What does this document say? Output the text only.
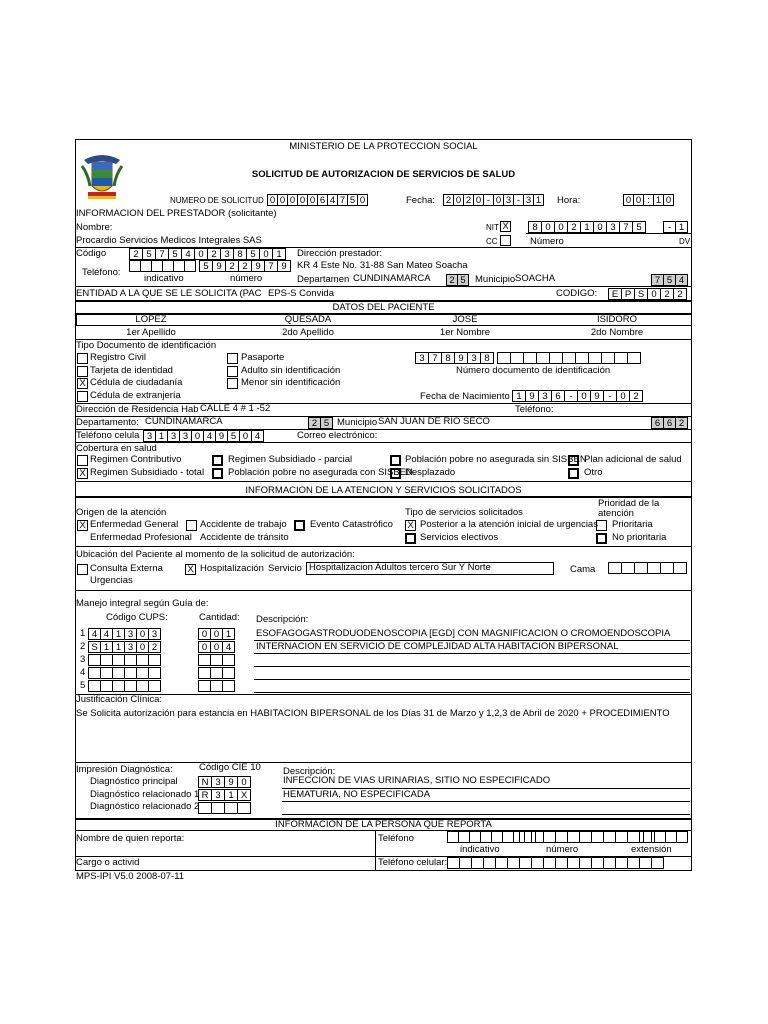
MINISTERIO DE LA PROTECCION SOCIAL
SOLICITUD DE AUTORIZACION DE SERVICIOS DE SALUD
NUMERO DE SOLICITUD 0 0 0 0 0 6 4 7 5 0	Fecha: 2 0 2 0 - 0 3 - 3 1	Hora:	0 0 : 1 0
INFORMACION DEL PRESTADOR (solicitante)
Nombre:
Procardio Servicios Medicos Integrales SAS
NIT X
CC
8 0 0 2 1 0 3 7 5	- 1
Número	DV
Código	2 5 7 5 4 0 2 3 8 5 0 1	Dirección prestador:
KR 4 Este No. 31-88 San Mateo Soacha
Teléfono:
5 9 2 2 9 7 9
indicativo	número	Departamen CUNDINAMARCA	2 5 Municipio SOACHA	7 5 4
ENTIDAD A LA QUE SE LE SOLICITA (PAC EPS-S Convida	CODIGO:	E P S 0 2 2
DATOS DEL PACIENTE
LOPEZ	QUESADA	JOSE	ISIDORO
1er Apellido	2do Apellido	1er Nombre	2do Nombre
Tipo Documento de identificación
Registro Civil
Tarjeta de identidad
X Cédula de ciudadanía
Cédula de extranjería
Pasaporte
Adulto sin identificación
Menor sin identificación
3 7 8 9 3 8
Número documento de identificación
Fecha de Nacimiento 1 9 3 6 - 0 9 - 0 2
Dirección de Residencia Hab CALLE 4 # 1 -52	Teléfono:
Departamento: CUNDINAMARCA	2 5 Municipio SAN JUAN DE RIO SECO	6 6 2
Teléfono celula 3 1 3 3 0 4 9 5 0 4	Correo electrónico:
Cobertura en salud
X
Regimen Contributivo
Regimen Subsidiado - total
Regimen Subsidiado - parcial
Población pobre no asegurada con SISBEN
Población pobre no asegurada sin SISBEN
Desplazado
Plan adicional de salud
Otro
INFORMACION DE LA ATENCION Y SERVICIOS SOLICITADOS
Origen de la atención
X Enfermedad General
Enfermedad Profesional
Accidente de trabajo
Accidente de tránsito
Evento Catastrófico
Tipo de servicios solicitados
X Posterior a la atención inicial de urgencias
Servicios electivos
Prioridad de la
atención
Prioritaria
No prioritaria
Ubicación del Paciente al momento de la solicitud de autorización:
Consulta Externa
Urgencias
X Hospitalización Servicio Hospitalizacion Adultos tercero Sur Y Norte	Cama
Manejo integral según Guía de:
Código CUPS:	Cantidad: Descripción:
1 4 4 1 3 0 3	0 0 1	ESOFAGOGASTRODUODENOSCOPIA [EGD] CON MAGNIFICACION O CROMOENDOSCOPIA
2 S 1 1 3 0 2	0 0 4	INTERNACION EN SERVICIO DE COMPLEJIDAD ALTA HABITACION BIPERSONAL
3
4
5
Justificación Clínica:
Se Solicita autorización para estancia en HABITACION BIPERSONAL de los Días 31 de Marzo y 1,2,3 de Abril de 2020 + PROCEDIMIENTO
Impresión Diagnóstica:	Código CIE 10 Descripción:
Diagnóstico principal	N 3 9 0	INFECCION DE VIAS URINARIAS, SITIO NO ESPECIFICADO
Diagnóstico relacionado 1 R 3 1 X	HEMATURIA, NO ESPECIFICADA
Diagnóstico relacionado 2
INFORMACION DE LA PERSONA QUE REPORTA
Nombre de quien reporta:	Teléfono
indicativo	número	extensión
Cargo o activid	Teléfono celular:
MPS-IPI V5.0 2008-07-11
